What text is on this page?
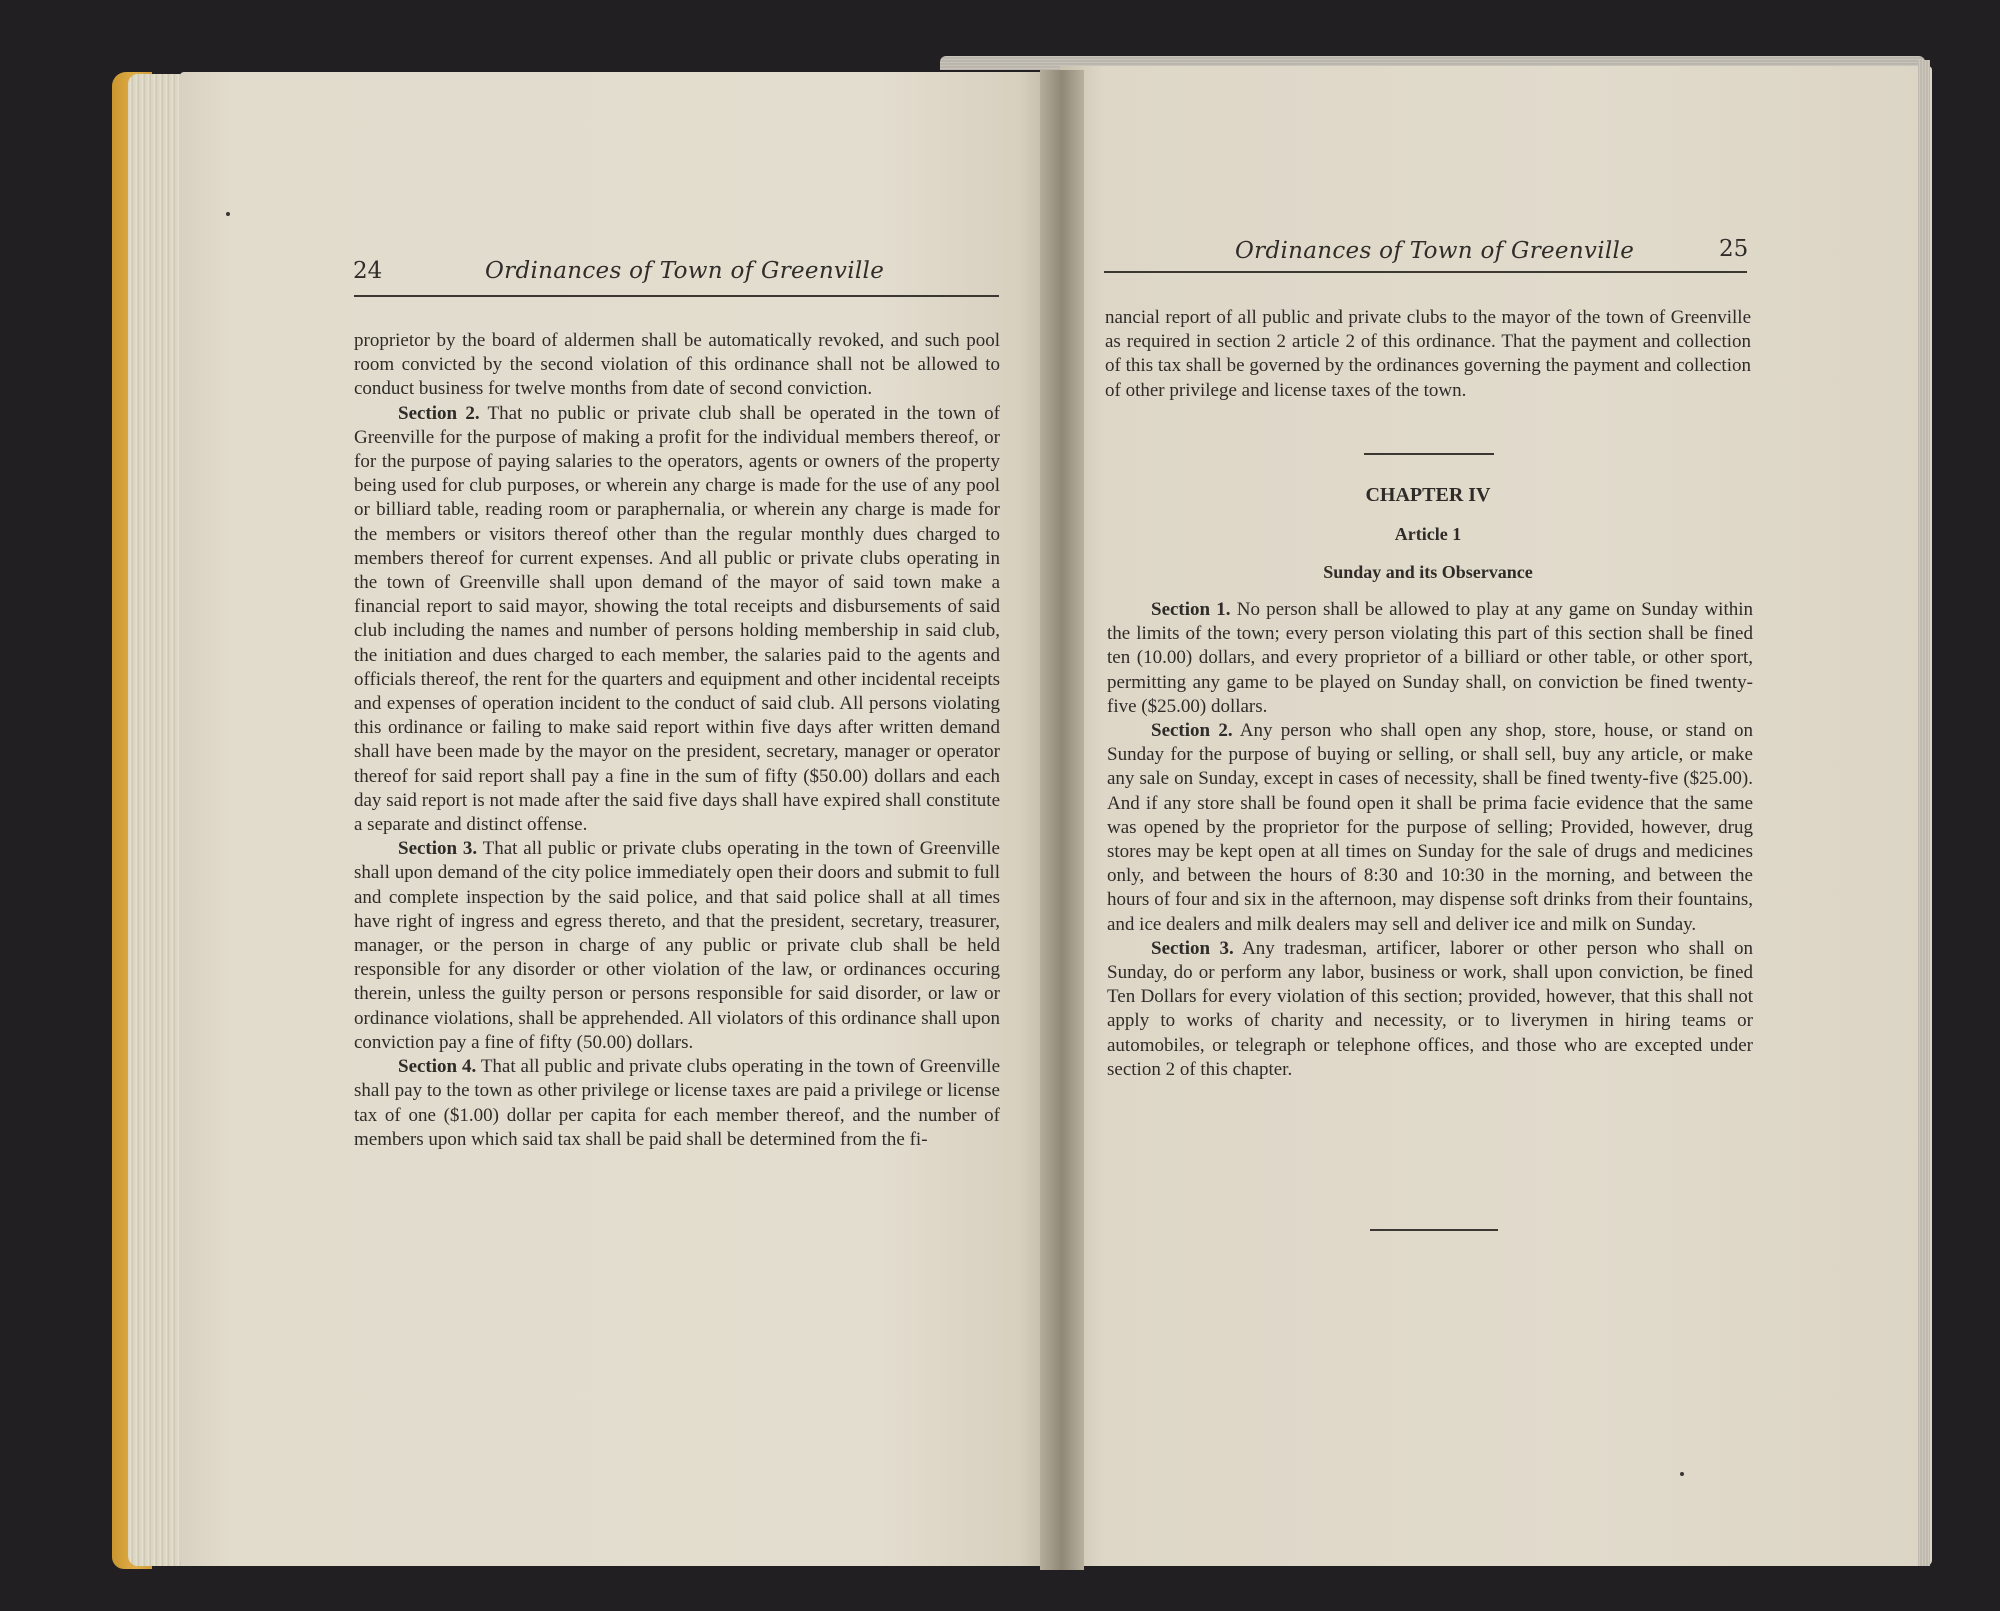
24	Ordinances of Town of Greenville

proprietor by the board of aldermen shall be automatically revoked, and such pool room convicted by the second violation of this ordinance shall not be allowed to conduct business for twelve months from date of second conviction.

Section 2. That no public or private club shall be operated in the town of Greenville for the purpose of making a profit for the individual members thereof, or for the purpose of paying salaries to the operators, agents or owners of the property being used for club purposes, or wherein any charge is made for the use of any pool or billiard table, reading room or paraphernalia, or wherein any charge is made for the members or visitors thereof other than the regular monthly dues charged to members thereof for current expenses. And all public or private clubs operating in the town of Greenville shall upon demand of the mayor of said town make a financial report to said mayor, showing the total receipts and disbursements of said club including the names and number of persons holding membership in said club, the initiation and dues charged to each member, the salaries paid to the agents and officials thereof, the rent for the quarters and equipment and other incidental receipts and expenses of operation incident to the conduct of said club. All persons violating this ordinance or failing to make said report within five days after written demand shall have been made by the mayor on the president, secretary, manager or operator thereof for said report shall pay a fine in the sum of fifty ($50.00) dollars and each day said report is not made after the said five days shall have expired shall constitute a separate and distinct offense.

Section 3. That all public or private clubs operating in the town of Greenville shall upon demand of the city police immediately open their doors and submit to full and complete inspection by the said police, and that said police shall at all times have right of ingress and egress thereto, and that the president, secretary, treasurer, manager, or the person in charge of any public or private club shall be held responsible for any disorder or other violation of the law, or ordinances occuring therein, unless the guilty person or persons responsible for said disorder, or law or ordinance violations, shall be apprehended. All violators of this ordinance shall upon conviction pay a fine of fifty (50.00) dollars.

Section 4. That all public and private clubs operating in the town of Greenville shall pay to the town as other privilege or license taxes are paid a privilege or license tax of one ($1.00) dollar per capita for each member thereof, and the number of members upon which said tax shall be paid shall be determined from the fi-

Ordinances of Town of Greenville	25

nancial report of all public and private clubs to the mayor of the town of Greenville as required in section 2 article 2 of this ordinance. That the payment and collection of this tax shall be governed by the ordinances governing the payment and collection of other privilege and license taxes of the town.

CHAPTER IV
Article 1
Sunday and its Observance

Section 1. No person shall be allowed to play at any game on Sunday within the limits of the town; every person violating this part of this section shall be fined ten (10.00) dollars, and every proprietor of a billiard or other table, or other sport, permitting any game to be played on Sunday shall, on conviction be fined twenty-five ($25.00) dollars.

Section 2. Any person who shall open any shop, store, house, or stand on Sunday for the purpose of buying or selling, or shall sell, buy any article, or make any sale on Sunday, except in cases of necessity, shall be fined twenty-five ($25.00). And if any store shall be found open it shall be prima facie evidence that the same was opened by the proprietor for the purpose of selling; Provided, however, drug stores may be kept open at all times on Sunday for the sale of drugs and medicines only, and between the hours of 8:30 and 10:30 in the morning, and between the hours of four and six in the afternoon, may dispense soft drinks from their fountains, and ice dealers and milk dealers may sell and deliver ice and milk on Sunday.

Section 3. Any tradesman, artificer, laborer or other person who shall on Sunday, do or perform any labor, business or work, shall upon conviction, be fined Ten Dollars for every violation of this section; provided, however, that this shall not apply to works of charity and necessity, or to liverymen in hiring teams or automobiles, or telegraph or telephone offices, and those who are excepted under section 2 of this chapter.
